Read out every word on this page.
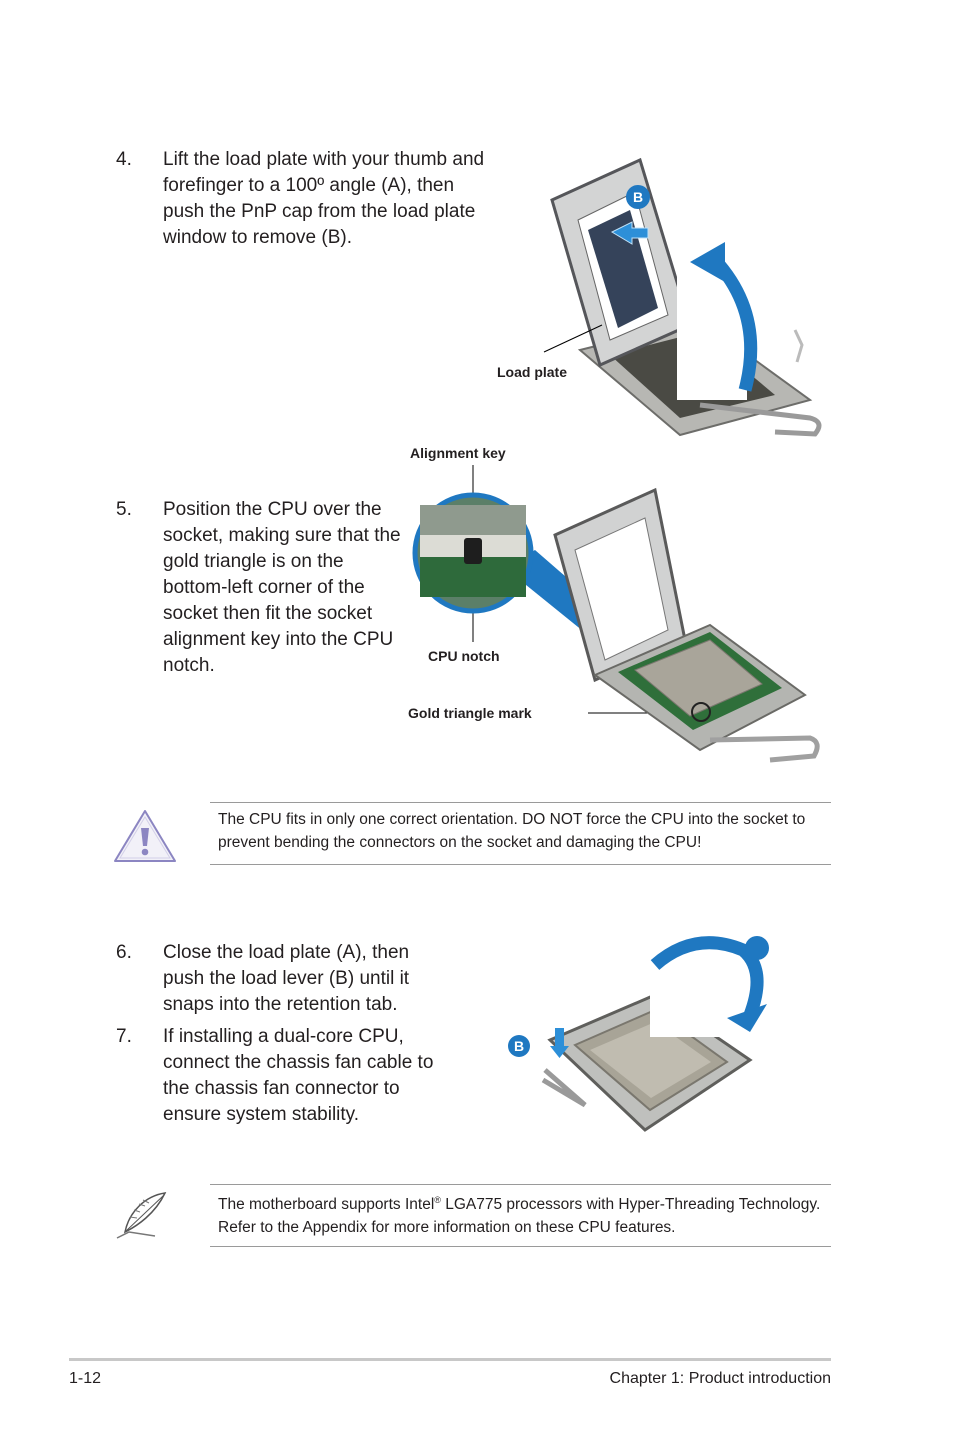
4. Lift the load plate with your thumb and forefinger to a 100º angle (A), then push the PnP cap from the load plate window to remove (B).
B
Load plate
5. Position the CPU over the socket, making sure that the gold triangle is on the bottom-left corner of the socket then fit the socket alignment key into the CPU notch.
Alignment key
CPU notch
Gold triangle mark
The CPU fits in only one correct orientation. DO NOT force the CPU into the socket to prevent bending the connectors on the socket and damaging the CPU!
6. Close the load plate (A), then push the load lever (B) until it snaps into the retention tab.
7. If installing a dual-core CPU, connect the chassis fan cable to the chassis fan connector to ensure system stability.
B
The motherboard supports Intel® LGA775 processors with Hyper-Threading Technology. Refer to the Appendix for more information on these CPU features.
1-12	Chapter 1: Product introduction
